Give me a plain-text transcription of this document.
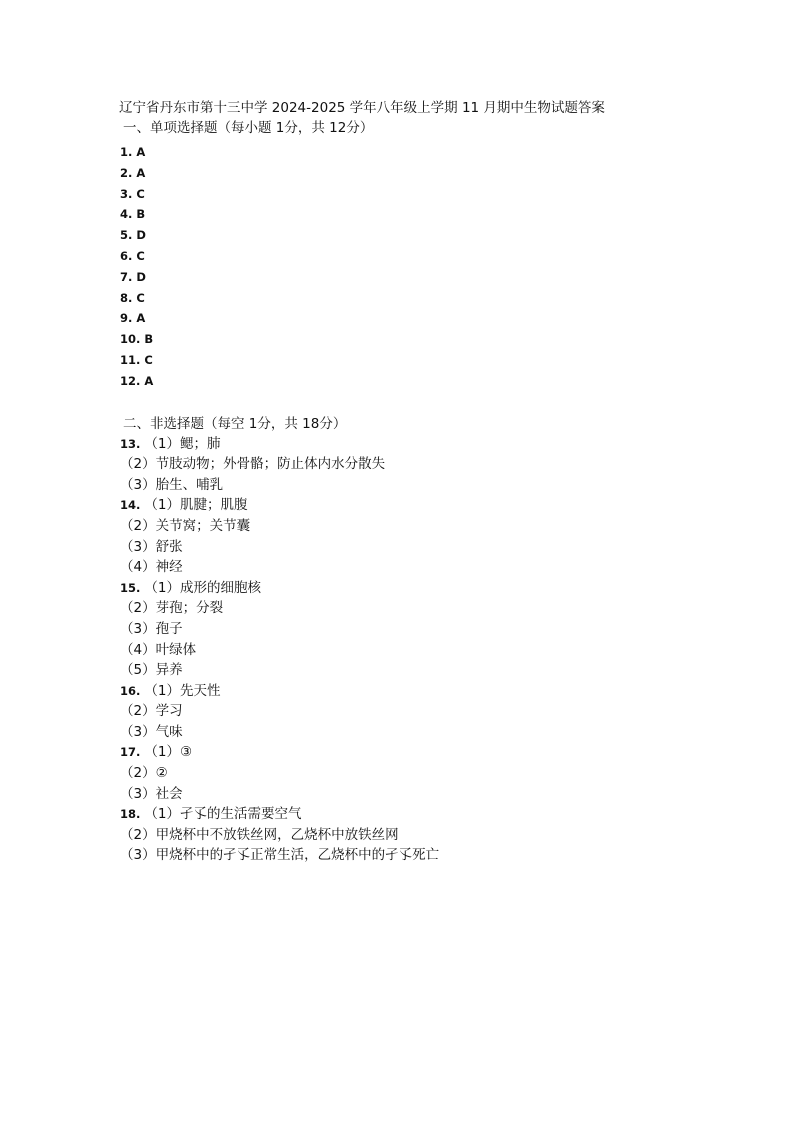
辽宁省丹东市第十三中学 2024-2025 学年八年级上学期 11 月期中生物试题答案
一、单项选择题（每小题 1分，共 12分）
1. A
2. A
3. C
4. B
5. D
6. C
7. D
8. C
9. A
10. B
11. C
12. A
二、非选择题（每空 1分，共 18分）
13. （1）鳃；肺
（2）节肢动物；外骨骼；防止体内水分散失
（3）胎生、哺乳
14. （1）肌腱；肌腹
（2）关节窝；关节囊
（3）舒张
（4）神经
15. （1）成形的细胞核
（2）芽孢；分裂
（3）孢子
（4）叶绿体
（5）异养
16. （1）先天性
（2）学习
（3）气味
17. （1）③
（2）②
（3）社会
18. （1）孑孓的生活需要空气
（2）甲烧杯中不放铁丝网，乙烧杯中放铁丝网
（3）甲烧杯中的孑孓正常生活，乙烧杯中的孑孓死亡
